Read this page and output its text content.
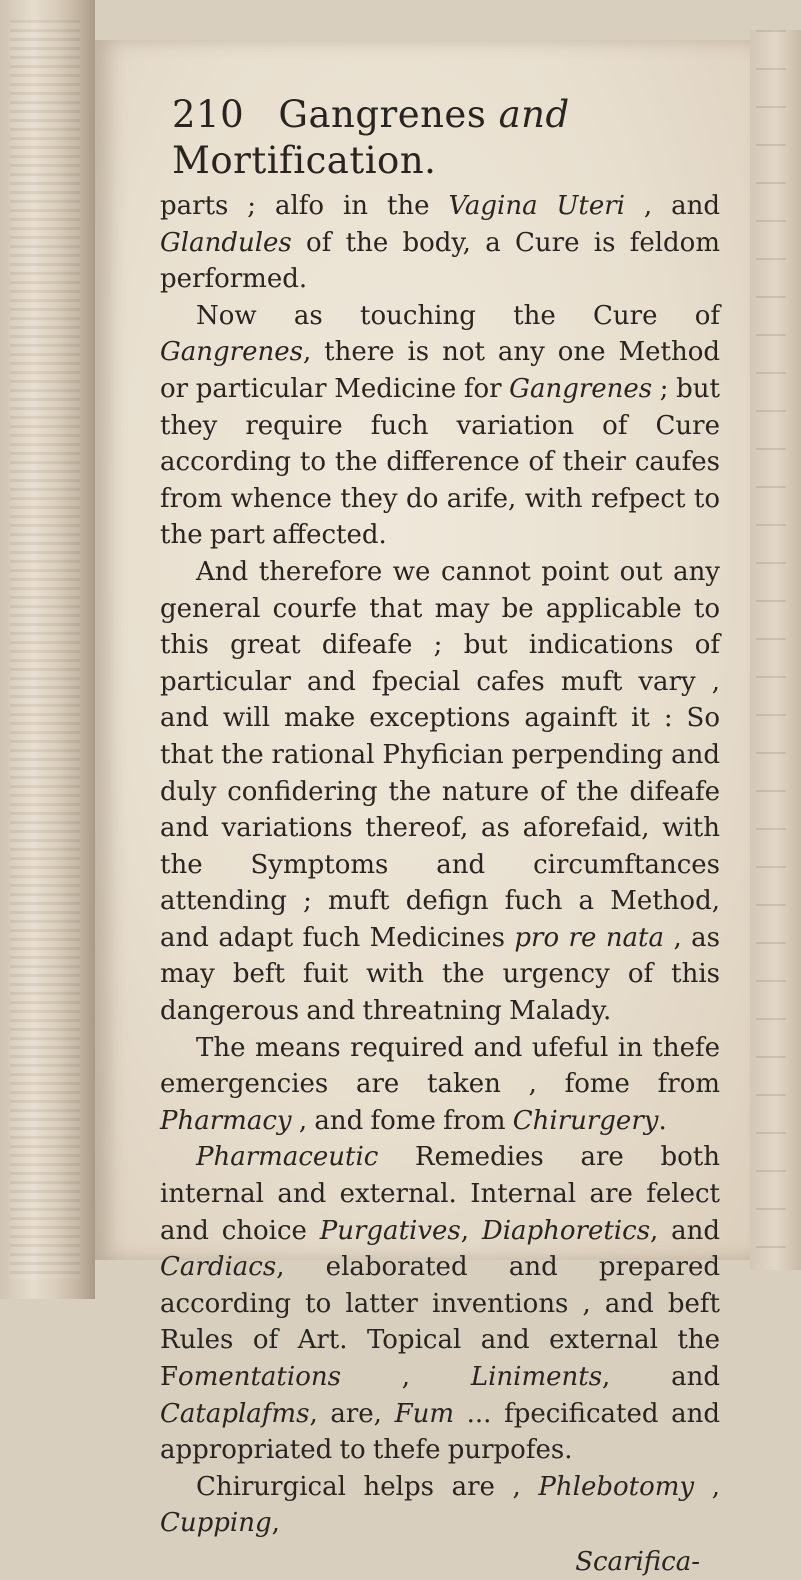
210 Gangrenes and Mortification.

parts ; alfo in the Vagina Uteri , and Glandules of the body, a Cure is feldom performed.

Now as touching the Cure of Gangrenes, there is not any one Method or particular Medicine for Gangrenes ; but they require fuch variation of Cure according to the difference of their caufes from whence they do arife, with refpect to the part affected.

And therefore we cannot point out any general courfe that may be applicable to this great difeafe ; but indications of particular and fpecial cafes muft vary , and will make exceptions againft it : So that the rational Phyfician perpending and duly confidering the nature of the difeafe and variations thereof, as aforefaid, with the Symptoms and circumftances attending ; muft defign fuch a Method, and adapt fuch Medicines pro re nata , as may beft fuit with the urgency of this dangerous and threatning Malady.

The means required and ufeful in thefe emergencies are taken , fome from Pharmacy , and fome from Chirurgery.

Pharmaceutic Remedies are both internal and external. Internal are felect and choice Purgatives, Diaphoretics, and Cardiacs, elaborated and prepared according to latter inventions , and beft Rules of Art. Topical and external the Fomentations , Liniments, and Cataplafms, are, Fum ... fpecificated and appropriated to thefe purpofes.

Chirurgical helps are , Phlebotomy , Cupping,

Scarifica-
